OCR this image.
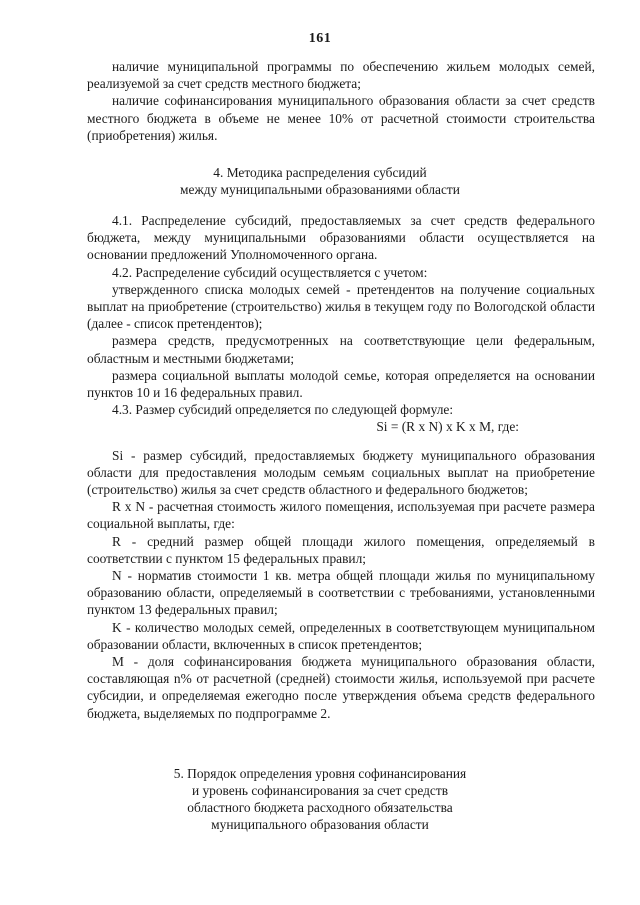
161

наличие муниципальной программы по обеспечению жильем молодых семей, реализуемой за счет средств местного бюджета;

наличие софинансирования муниципального образования области за счет средств местного бюджета в объеме не менее 10% от расчетной стоимости строительства (приобретения) жилья.

4. Методика распределения субсидий
между муниципальными образованиями области

4.1. Распределение субсидий, предоставляемых за счет средств федерального бюджета, между муниципальными образованиями области осуществляется на основании предложений Уполномоченного органа.

4.2. Распределение субсидий осуществляется с учетом:

утвержденного списка молодых семей - претендентов на получение социальных выплат на приобретение (строительство) жилья в текущем году по Вологодской области (далее - список претендентов);

размера средств, предусмотренных на соответствующие цели федеральным, областным и местными бюджетами;

размера социальной выплаты молодой семье, которая определяется на основании пунктов 10 и 16 федеральных правил.

4.3. Размер субсидий определяется по следующей формуле:

Si = (R x N) x K x M, где:

Si - размер субсидий, предоставляемых бюджету муниципального образования области для предоставления молодым семьям социальных выплат на приобретение (строительство) жилья за счет средств областного и федерального бюджетов;

R x N - расчетная стоимость жилого помещения, используемая при расчете размера социальной выплаты, где:

R - средний размер общей площади жилого помещения, определяемый в соответствии с пунктом 15 федеральных правил;

N - норматив стоимости 1 кв. метра общей площади жилья по муниципальному образованию области, определяемый в соответствии с требованиями, установленными пунктом 13 федеральных правил;

K - количество молодых семей, определенных в соответствующем муниципальном образовании области, включенных в список претендентов;

M - доля софинансирования бюджета муниципального образования области, составляющая n% от расчетной (средней) стоимости жилья, используемой при расчете субсидии, и определяемая ежегодно после утверждения объема средств федерального бюджета, выделяемых по подпрограмме 2.

5. Порядок определения уровня софинансирования
и уровень софинансирования за счет средств
областного бюджета расходного обязательства
муниципального образования области
